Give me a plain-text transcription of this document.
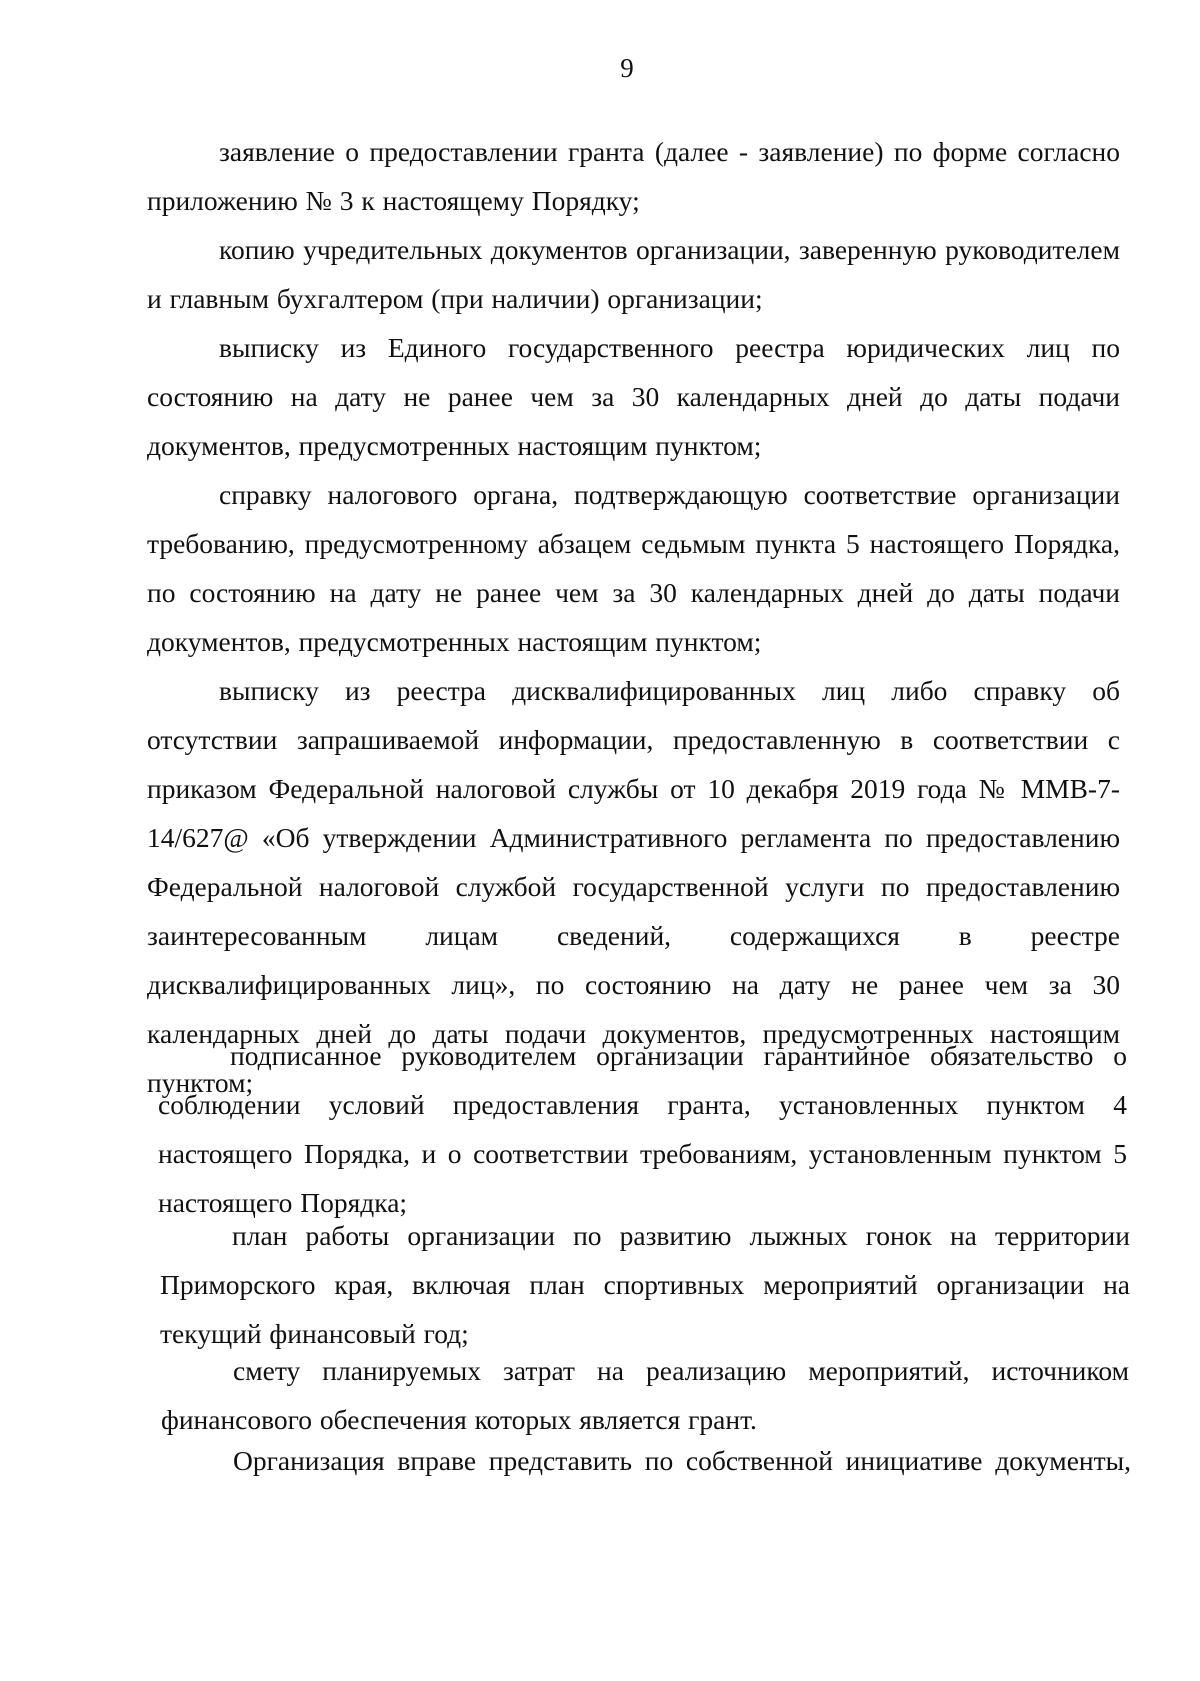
9

заявление о предоставлении гранта (далее - заявление) по форме согласно приложению № 3 к настоящему Порядку;

копию учредительных документов организации, заверенную руководителем и главным бухгалтером (при наличии) организации;

выписку из Единого государственного реестра юридических лиц по состоянию на дату не ранее чем за 30 календарных дней до даты подачи документов, предусмотренных настоящим пунктом;

справку налогового органа, подтверждающую соответствие организации требованию, предусмотренному абзацем седьмым пункта 5 настоящего Порядка, по состоянию на дату не ранее чем за 30 календарных дней до даты подачи документов, предусмотренных настоящим пунктом;

выписку из реестра дисквалифицированных лиц либо справку об отсутствии запрашиваемой информации, предоставленную в соответствии с приказом Федеральной налоговой службы от 10 декабря 2019 года № ММВ-7-14/627@ «Об утверждении Административного регламента по предоставлению Федеральной налоговой службой государственной услуги по предоставлению заинтересованным лицам сведений, содержащихся в реестре дисквалифицированных лиц», по состоянию на дату не ранее чем за 30 календарных дней до даты подачи документов, предусмотренных настоящим пунктом;

подписанное руководителем организации гарантийное обязательство о соблюдении условий предоставления гранта, установленных пунктом 4 настоящего Порядка, и о соответствии требованиям, установленным пунктом 5 настоящего Порядка;

план работы организации по развитию лыжных гонок на территории Приморского края, включая план спортивных мероприятий организации на текущий финансовый год;

смету планируемых затрат на реализацию мероприятий, источником финансового обеспечения которых является грант.

Организация вправе представить по собственной инициативе документы,
